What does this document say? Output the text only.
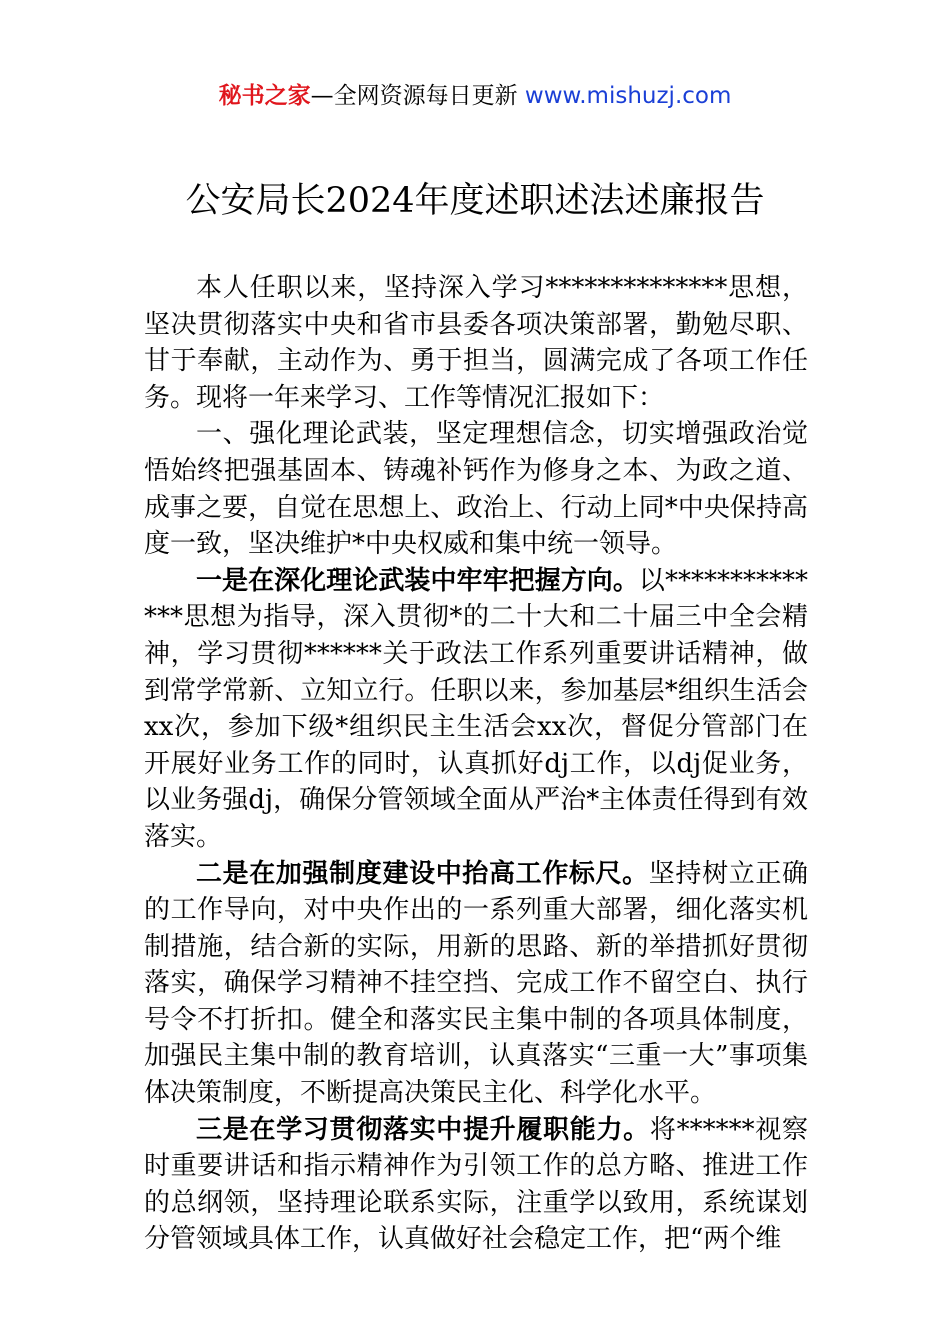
秘书之家—全网资源每日更新 www.mishuzj.com
公安局长2024年度述职述法述廉报告

本人任职以来，坚持深入学习**************思想，坚决贯彻落实中央和省市县委各项决策部署，勤勉尽职、甘于奉献，主动作为、勇于担当，圆满完成了各项工作任务。现将一年来学习、工作等情况汇报如下：

一、强化理论武装，坚定理想信念，切实增强政治觉悟始终把强基固本、铸魂补钙作为修身之本、为政之道、成事之要，自觉在思想上、政治上、行动上同*中央保持高度一致，坚决维护*中央权威和集中统一领导。

一是在深化理论武装中牢牢把握方向。以**************思想为指导，深入贯彻*的二十大和二十届三中全会精神，学习贯彻******关于政法工作系列重要讲话精神，做到常学常新、立知立行。任职以来，参加基层*组织生活会xx次，参加下级*组织民主生活会xx次，督促分管部门在开展好业务工作的同时，认真抓好dj工作，以dj促业务，以业务强dj，确保分管领域全面从严治*主体责任得到有效落实。

二是在加强制度建设中抬高工作标尺。坚持树立正确的工作导向，对中央作出的一系列重大部署，细化落实机制措施，结合新的实际，用新的思路、新的举措抓好贯彻落实，确保学习精神不挂空挡、完成工作不留空白、执行号令不打折扣。健全和落实民主集中制的各项具体制度，加强民主集中制的教育培训，认真落实“三重一大”事项集体决策制度，不断提高决策民主化、科学化水平。

三是在学习贯彻落实中提升履职能力。将******视察时重要讲话和指示精神作为引领工作的总方略、推进工作的总纲领，坚持理论联系实际，注重学以致用，系统谋划分管领域具体工作，认真做好社会稳定工作，把“两个维
